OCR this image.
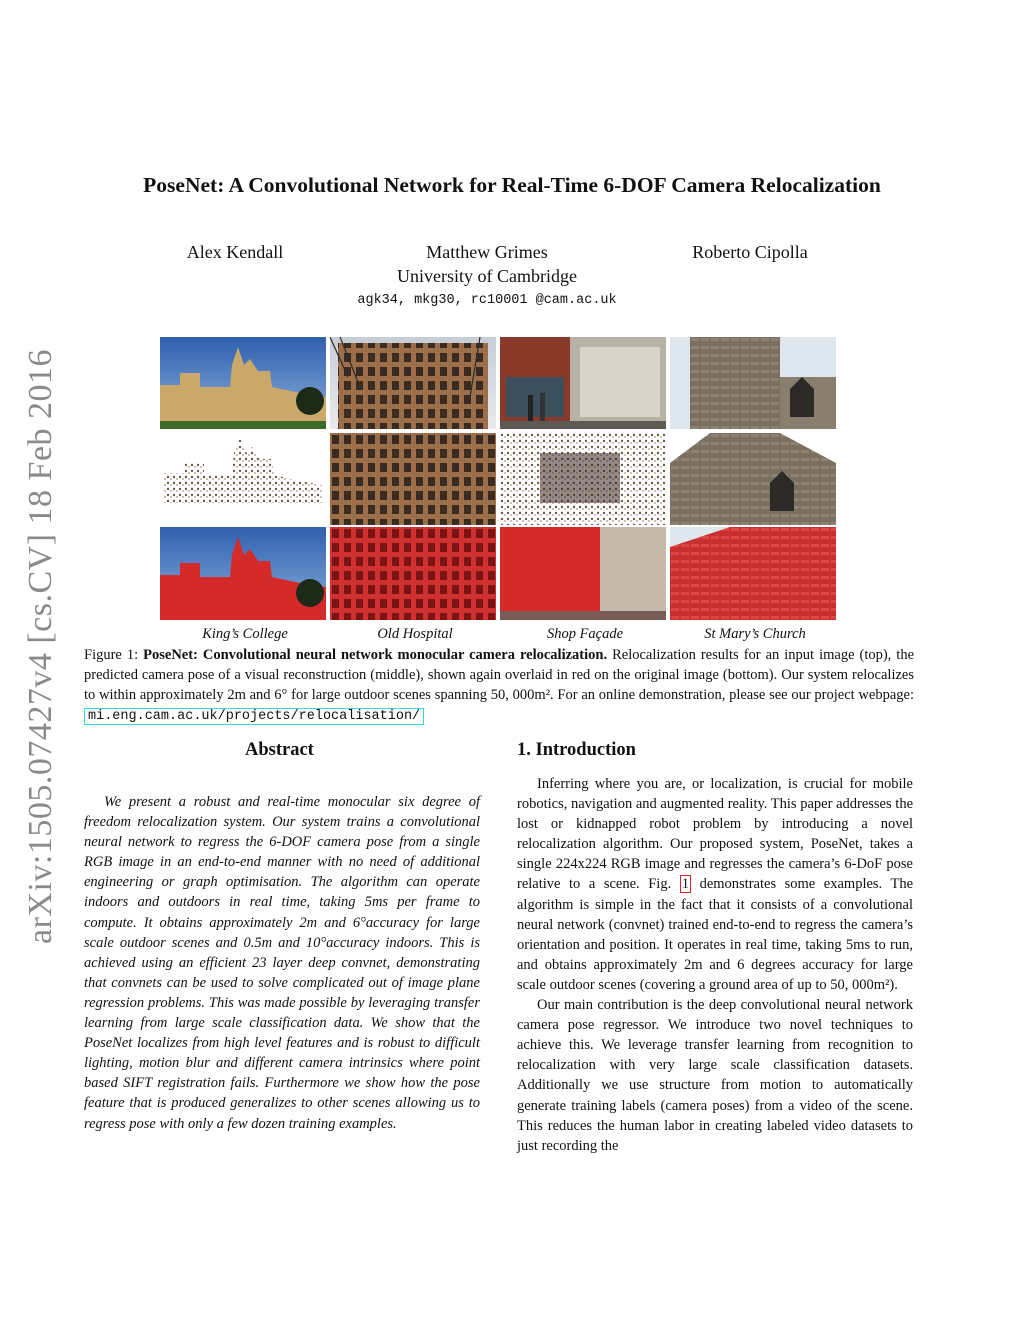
arXiv:1505.07427v4 [cs.CV] 18 Feb 2016
PoseNet: A Convolutional Network for Real-Time 6-DOF Camera Relocalization
Alex Kendall	Matthew Grimes	Roberto Cipolla
University of Cambridge
agk34, mkg30, rc10001 @cam.ac.uk
King’s College	Old Hospital	Shop Façade	St Mary’s Church
Figure 1: PoseNet: Convolutional neural network monocular camera relocalization. Relocalization results for an input image (top), the predicted camera pose of a visual reconstruction (middle), shown again overlaid in red on the original image (bottom). Our system relocalizes to within approximately 2m and 6° for large outdoor scenes spanning 50, 000m². For an online demonstration, please see our project webpage: mi.eng.cam.ac.uk/projects/relocalisation/
Abstract

We present a robust and real-time monocular six degree of freedom relocalization system. Our system trains a convolutional neural network to regress the 6-DOF camera pose from a single RGB image in an end-to-end manner with no need of additional engineering or graph optimisation. The algorithm can operate indoors and outdoors in real time, taking 5ms per frame to compute. It obtains approximately 2m and 6°accuracy for large scale outdoor scenes and 0.5m and 10°accuracy indoors. This is achieved using an efficient 23 layer deep convnet, demonstrating that convnets can be used to solve complicated out of image plane regression problems. This was made possible by leveraging transfer learning from large scale classification data. We show that the PoseNet localizes from high level features and is robust to difficult lighting, motion blur and different camera intrinsics where point based SIFT registration fails. Furthermore we show how the pose feature that is produced generalizes to other scenes allowing us to regress pose with only a few dozen training examples.

1. Introduction

Inferring where you are, or localization, is crucial for mobile robotics, navigation and augmented reality. This paper addresses the lost or kidnapped robot problem by introducing a novel relocalization algorithm. Our proposed system, PoseNet, takes a single 224x224 RGB image and regresses the camera’s 6-DoF pose relative to a scene. Fig. 1 demonstrates some examples. The algorithm is simple in the fact that it consists of a convolutional neural network (convnet) trained end-to-end to regress the camera’s orientation and position. It operates in real time, taking 5ms to run, and obtains approximately 2m and 6 degrees accuracy for large scale outdoor scenes (covering a ground area of up to 50, 000m²).

Our main contribution is the deep convolutional neural network camera pose regressor. We introduce two novel techniques to achieve this. We leverage transfer learning from recognition to relocalization with very large scale classification datasets. Additionally we use structure from motion to automatically generate training labels (camera poses) from a video of the scene. This reduces the human labor in creating labeled video datasets to just recording the
